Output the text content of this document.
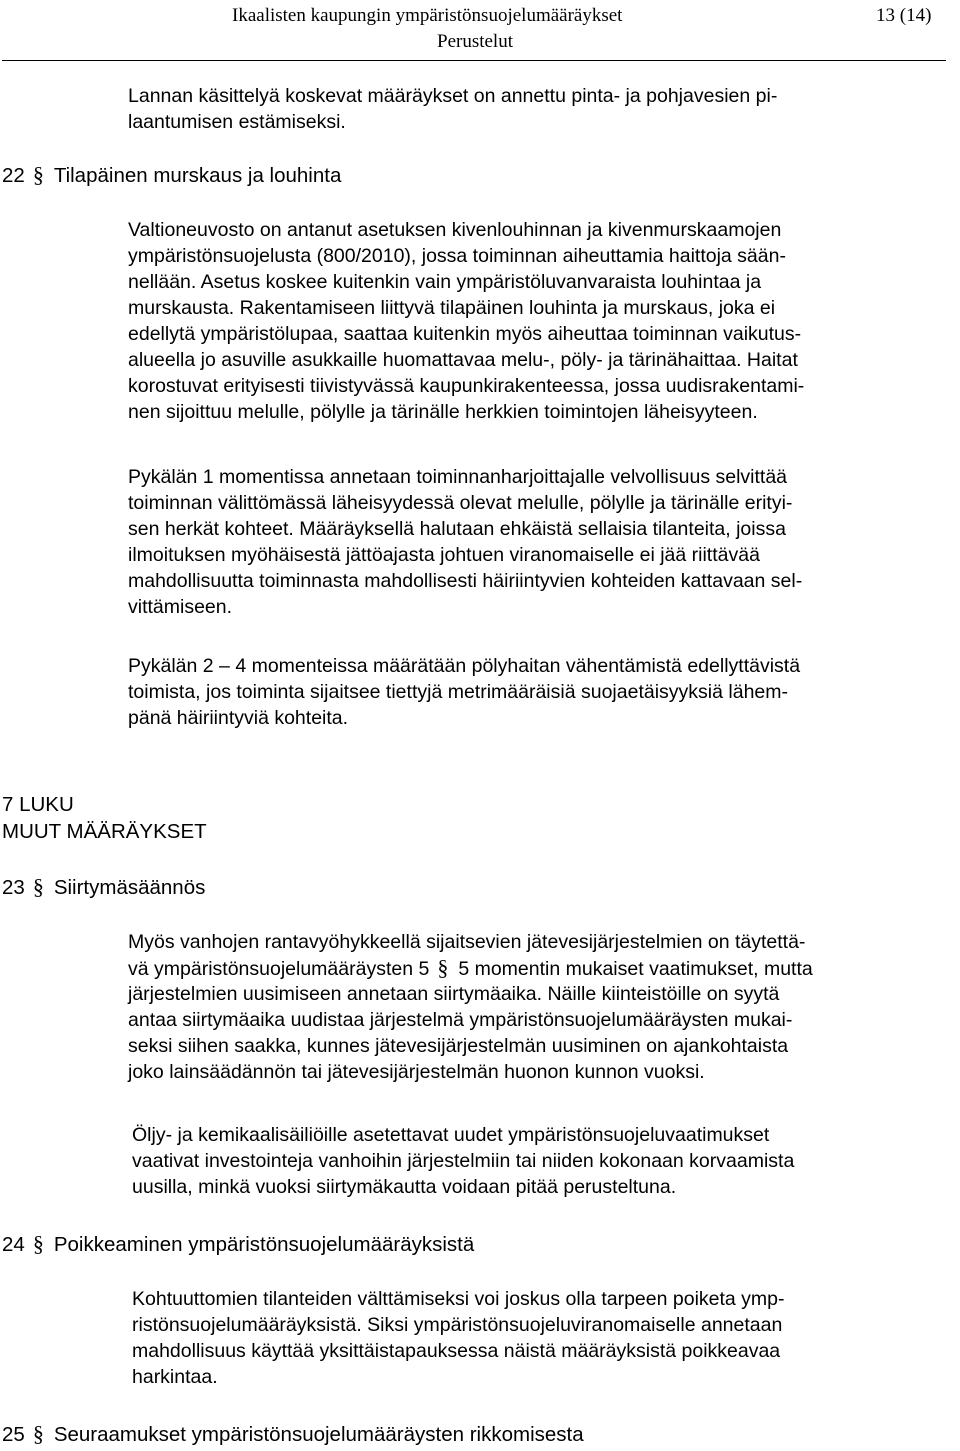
Ikaalisten kaupungin ympäristönsuojelumääräykset	13 (14)
Perustelut
Lannan käsittelyä koskevat määräykset on annettu pinta- ja pohjavesien pi-
laantumisen estämiseksi.
22 § Tilapäinen murskaus ja louhinta
Valtioneuvosto on antanut asetuksen kivenlouhinnan ja kivenmurskaamojen
ympäristönsuojelusta (800/2010), jossa toiminnan aiheuttamia haittoja sään-
nellään. Asetus koskee kuitenkin vain ympäristöluvanvaraista louhintaa ja
murskausta. Rakentamiseen liittyvä tilapäinen louhinta ja murskaus, joka ei
edellytä ympäristölupaa, saattaa kuitenkin myös aiheuttaa toiminnan vaikutus-
alueella jo asuville asukkaille huomattavaa melu-, pöly- ja tärinähaittaa. Haitat
korostuvat erityisesti tiivistyvässä kaupunkirakenteessa, jossa uudisrakentami-
nen sijoittuu melulle, pölylle ja tärinälle herkkien toimintojen läheisyyteen.
Pykälän 1 momentissa annetaan toiminnanharjoittajalle velvollisuus selvittää
toiminnan välittömässä läheisyydessä olevat melulle, pölylle ja tärinälle erityi-
sen herkät kohteet. Määräyksellä halutaan ehkäistä sellaisia tilanteita, joissa
ilmoituksen myöhäisestä jättöajasta johtuen viranomaiselle ei jää riittävää
mahdollisuutta toiminnasta mahdollisesti häiriintyvien kohteiden kattavaan sel-
vittämiseen.
Pykälän 2 – 4 momenteissa määrätään pölyhaitan vähentämistä edellyttävistä
toimista, jos toiminta sijaitsee tiettyjä metrimääräisiä suojaetäisyyksiä lähem-
pänä häiriintyviä kohteita.
7 LUKU
MUUT MÄÄRÄYKSET
23 § Siirtymäsäännös
Myös vanhojen rantavyöhykkeellä sijaitsevien jätevesijärjestelmien on täytettä-
vä ympäristönsuojelumääräysten 5 § 5 momentin mukaiset vaatimukset, mutta
järjestelmien uusimiseen annetaan siirtymäaika. Näille kiinteistöille on syytä
antaa siirtymäaika uudistaa järjestelmä ympäristönsuojelumääräysten mukai-
seksi siihen saakka, kunnes jätevesijärjestelmän uusiminen on ajankohtaista
joko lainsäädännön tai jätevesijärjestelmän huonon kunnon vuoksi.
Öljy- ja kemikaalisäiliöille asetettavat uudet ympäristönsuojeluvaatimukset
vaativat investointeja vanhoihin järjestelmiin tai niiden kokonaan korvaamista
uusilla, minkä vuoksi siirtymäkautta voidaan pitää perusteltuna.
24 § Poikkeaminen ympäristönsuojelumääräyksistä
Kohtuuttomien tilanteiden välttämiseksi voi joskus olla tarpeen poiketa ymp-
ristönsuojelumääräyksistä. Siksi ympäristönsuojeluviranomaiselle annetaan
mahdollisuus käyttää yksittäistapauksessa näistä määräyksistä poikkeavaa
harkintaa.
25 § Seuraamukset ympäristönsuojelumääräysten rikkomisesta
